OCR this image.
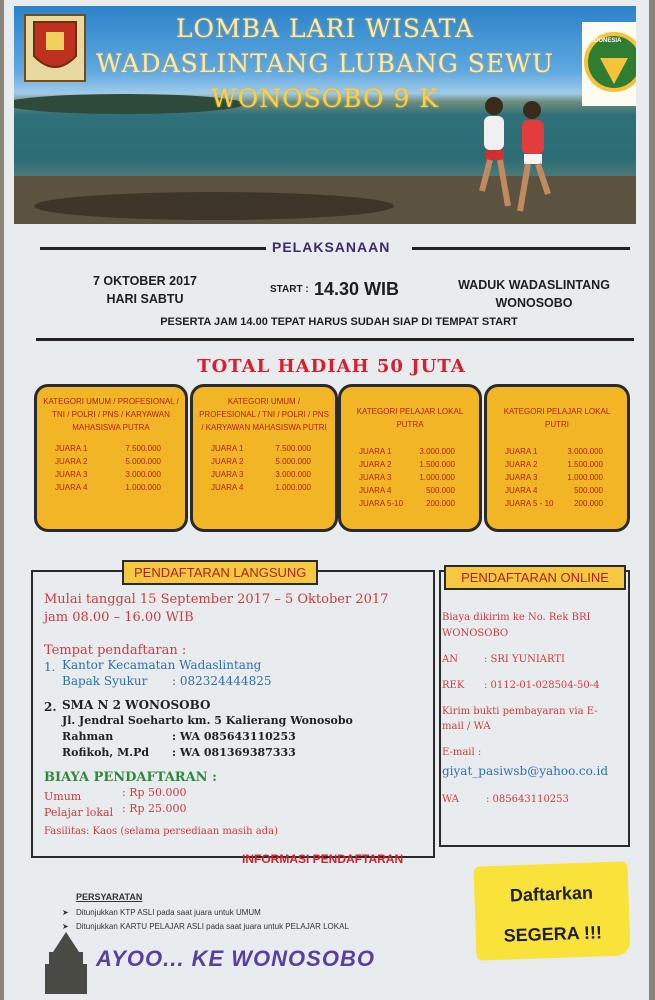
LOMBA LARI WISATA
WADASLINTANG LUBANG SEWU
WONOSOBO 9 K
INDONESIA
PELAKSANAAN
7 OKTOBER 2017
HARI SABTU
START : 14.30 WIB	WADUK WADASLINTANG
WONOSOBO
PESERTA JAM 14.00 TEPAT HARUS SUDAH SIAP DI TEMPAT START
TOTAL HADIAH 50 JUTA
KATEGORI UMUM / PROFESIONAL / TNI / POLRI / PNS / KARYAWAN MAHASISWA PUTRA
JUARA 1	7.500.000
JUARA 2	5.000.000
JUARA 3	3.000.000
JUARA 4	1.000.000
KATEGORI UMUM / PROFESIONAL / TNI / POLRI / PNS / KARYAWAN MAHASISWA PUTRI
JUARA 1	7.500.000
JUARA 2	5.000.000
JUARA 3	3.000.000
JUARA 4	1.000.000
KATEGORI PELAJAR LOKAL PUTRA
JUARA 1	3.000.000
JUARA 2	1.500.000
JUARA 3	1.000.000
JUARA 4	500.000
JUARA 5-10	200.000
KATEGORI PELAJAR LOKAL PUTRI
JUARA 1	3.000.000
JUARA 2	1.500.000
JUARA 3	1.000.000
JUARA 4	500.000
JUARA 5 - 10	200.000
PENDAFTARAN LANGSUNG
Mulai tanggal 15 September 2017 – 5 Oktober 2017
jam 08.00 – 16.00 WIB
Tempat pendaftaran :
1. Kantor Kecamatan Wadaslintang
Bapak Syukur : 082324444825
2. SMA N 2 WONOSOBO
Jl. Jendral Soeharto km. 5 Kalierang Wonosobo
Rahman	: WA 085643110253
Rofikoh, M.Pd : WA 081369387333
BIAYA PENDAFTARAN :
Umum	: Rp 50.000
Pelajar lokal : Rp 25.000
Fasilitas: Kaos (selama persediaan masih ada)
PENDAFTARAN ONLINE
Biaya dikirim ke No. Rek BRI
WONOSOBO
AN	: SRI YUNIARTI
REK : 0112-01-028504-50-4
Kirim bukti pembayaran via E-
mail / WA
E-mail :
giyat_pasiwsb@yahoo.co.id
WA	: 085643110253
INFORMASI PENDAFTARAN
PERSYARATAN
➤ Ditunjukkan KTP ASLI pada saat juara untuk UMUM
➤ Ditunjukkan KARTU PELAJAR ASLI pada saat juara untuk PELAJAR LOKAL
AYOO... KE WONOSOBO
Daftarkan
SEGERA !!!
